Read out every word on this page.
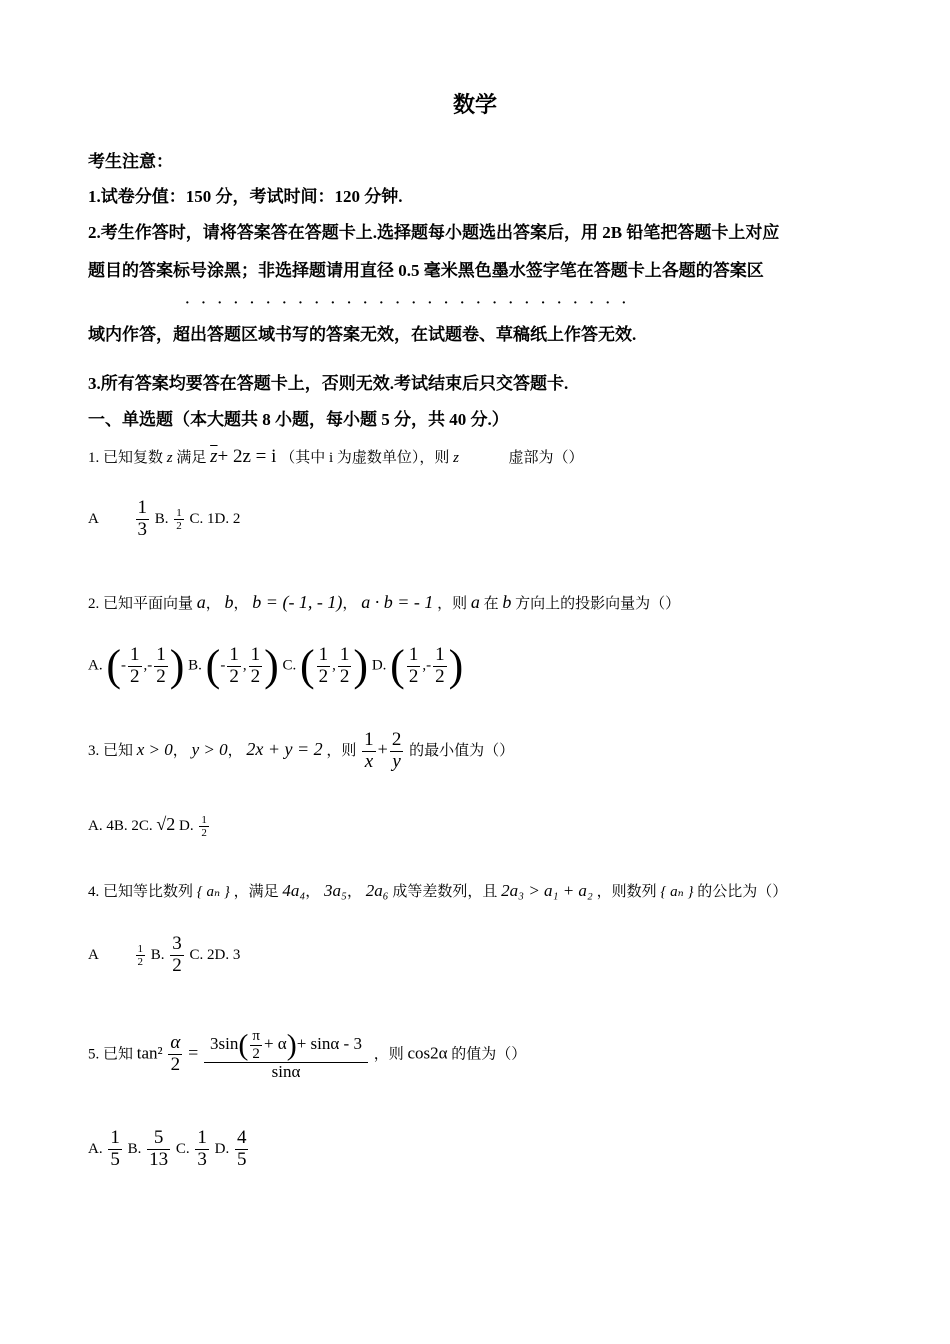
数学
考生注意：
1.试卷分值：150 分，考试时间：120 分钟.
2.考生作答时，请将答案答在答题卡上.选择题每小题选出答案后，用 2B 铅笔把答题卡上对应
题目的答案标号涂黑；非选择题请用直径 0.5 毫米黑色墨水签字笔在答题卡上各题的答案区
· · · · · · · · · · · · · · · · · · · · · · · · · · · ·
域内作答，超出答题区域书写的答案无效，在试题卷、草稿纸上作答无效.
3.所有答案均要答在答题卡上，否则无效.考试结束后只交答题卡.
一、单选题（本大题共 8 小题，每小题 5 分，共 40 分.）
1. 已知复数 z 满足 $\overline{z}+ 2z = i$ （其中 i 为虚数单位），则 z	虚部为（）
A $\frac{1}{3} B$. $\frac{1}{2} C$. 1D. 2
2. 已知平面向量 a， b， b = (- 1, - 1)， a · b = - 1 ，则 a 在 b 方向上的投影向量为（）
A. (- $\frac{1}{2}$ ,- $\frac{1}{2}$ ) B. (- $\frac{1}{2}$ , $\frac{1}{2}$ ) C. ( $\frac{1}{2}$ , $\frac{1}{2}$ ) D. ( $\frac{1}{2}$ ,- $\frac{1}{2}$ )
3. 已知 x > 0， y > 0， 2x + y = 2 ，则 $\frac{1}{x} + \frac{2}{y}$ 的最小值为（）
A. 4B. 2C. √2 D. $\frac{1}{2}$
4. 已知等比数列 { aₙ } ，满足 4a₄， 3a₅， 2a₆ 成等差数列，且 2a₃ > a₁ + a₂ ，则数列 { aₙ } 的公比为（）
A	$\frac{1}{2} B$. $\frac{3}{2} C$. 2D. 3
5. 已知 $\tan^2 \frac{\alpha}{2} = \frac{3\sin( \frac{\pi}{2} + \alpha)+ \sin\alpha - 3}{\sin\alpha}$ ，则 cos2α 的值为（）
A. $\frac{1}{5} B$. $\frac{5}{13} C$. $\frac{1}{3} D$. $\frac{4}{5}$
